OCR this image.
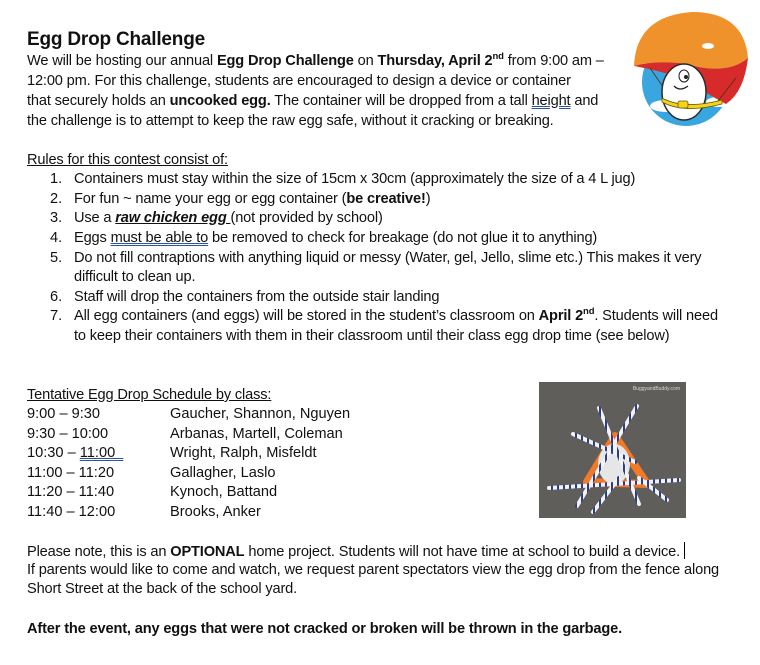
Egg Drop Challenge
We will be hosting our annual Egg Drop Challenge on Thursday, April 2nd from 9:00 am –
12:00 pm. For this challenge, students are encouraged to design a device or container
that securely holds an uncooked egg. The container will be dropped from a tall height and
the challenge is to attempt to keep the raw egg safe, without it cracking or breaking.
Rules for this contest consist of:
1. Containers must stay within the size of 15cm x 30cm (approximately the size of a 4 L jug)
2. For fun ~ name your egg or egg container (be creative!)
3. Use a raw chicken egg (not provided by school)
4. Eggs must be able to be removed to check for breakage (do not glue it to anything)
5. Do not fill contraptions with anything liquid or messy (Water, gel, Jello, slime etc.) This makes it very
difficult to clean up.
6. Staff will drop the containers from the outside stair landing
7. All egg containers (and eggs) will be stored in the student’s classroom on April 2nd. Students will need
to keep their containers with them in their classroom until their class egg drop time (see below)
Tentative Egg Drop Schedule by class:
9:00 – 9:30	Gaucher, Shannon, Nguyen
9:30 – 10:00	Arbanas, Martell, Coleman
10:30 – 11:00	Wright, Ralph, Misfeldt
11:00 – 11:20	Gallagher, Laslo
11:20 – 11:40	Kynoch, Battand
11:40 – 12:00	Brooks, Anker
Please note, this is an OPTIONAL home project. Students will not have time at school to build a device.
If parents would like to come and watch, we request parent spectators view the egg drop from the fence along
Short Street at the back of the school yard.
After the event, any eggs that were not cracked or broken will be thrown in the garbage.
BuggyandBuddy.com
